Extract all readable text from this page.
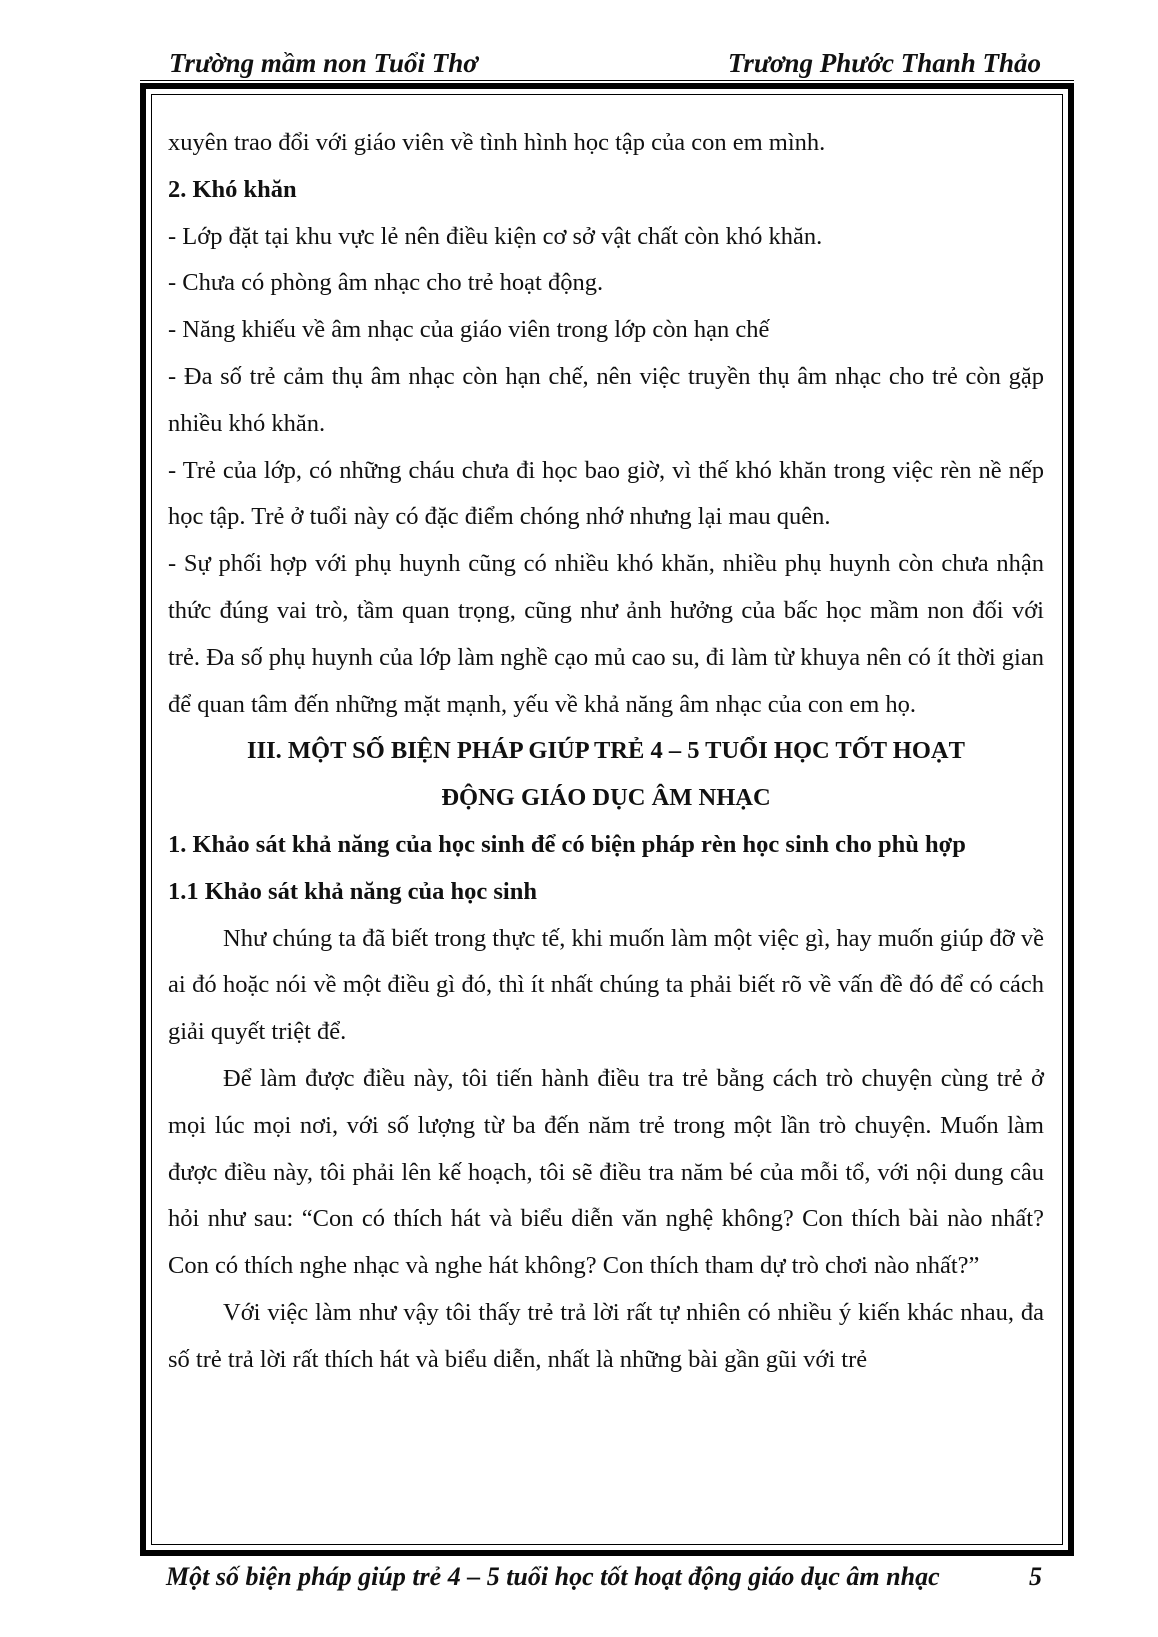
Trường mầm non Tuổi Thơ	Trương Phước Thanh Thảo

xuyên trao đổi với giáo viên về tình hình học tập của con em mình.

2. Khó khăn

- Lớp đặt tại khu vực lẻ nên điều kiện cơ sở vật chất còn khó khăn.

- Chưa có phòng âm nhạc cho trẻ hoạt động.

- Năng khiếu về âm nhạc của giáo viên trong lớp còn hạn chế

- Đa số trẻ cảm thụ âm nhạc còn hạn chế, nên việc truyền thụ âm nhạc cho trẻ còn gặp nhiều khó khăn.

- Trẻ của lớp, có những cháu chưa đi học bao giờ, vì thế khó khăn trong việc rèn nề nếp học tập. Trẻ ở tuổi này có đặc điểm chóng nhớ nhưng lại mau quên.

- Sự phối hợp với phụ huynh cũng có nhiều khó khăn, nhiều phụ huynh còn chưa nhận thức đúng vai trò, tầm quan trọng, cũng như ảnh hưởng của bấc học mầm non đối với trẻ. Đa số phụ huynh của lớp làm nghề cạo mủ cao su, đi làm từ khuya nên có ít thời gian để quan tâm đến những mặt mạnh, yếu về khả năng âm nhạc của con em họ.

III. MỘT SỐ BIỆN PHÁP GIÚP TRẺ 4 – 5 TUỔI HỌC TỐT HOẠT

ĐỘNG GIÁO DỤC ÂM NHẠC

1. Khảo sát khả năng của học sinh để có biện pháp rèn học sinh cho phù hợp

1.1 Khảo sát khả năng của học sinh

Như chúng ta đã biết trong thực tế, khi muốn làm một việc gì, hay muốn giúp đỡ về ai đó hoặc nói về một điều gì đó, thì ít nhất chúng ta phải biết rõ về vấn đề đó để có cách giải quyết triệt để.

Để làm được điều này, tôi tiến hành điều tra trẻ bằng cách trò chuyện cùng trẻ ở mọi lúc mọi nơi, với số lượng từ ba đến năm trẻ trong một lần trò chuyện. Muốn làm được điều này, tôi phải lên kế hoạch, tôi sẽ điều tra năm bé của mỗi tổ, với nội dung câu hỏi như sau: “Con có thích hát và biểu diễn văn nghệ không? Con thích bài nào nhất? Con có thích nghe nhạc và nghe hát không? Con thích tham dự trò chơi nào nhất?”

Với việc làm như vậy tôi thấy trẻ trả lời rất tự nhiên có nhiều ý kiến khác nhau, đa số trẻ trả lời rất thích hát và biểu diễn, nhất là những bài gần gũi với trẻ

Một số biện pháp giúp trẻ 4 – 5 tuổi học tốt hoạt động giáo dục âm nhạc	5
